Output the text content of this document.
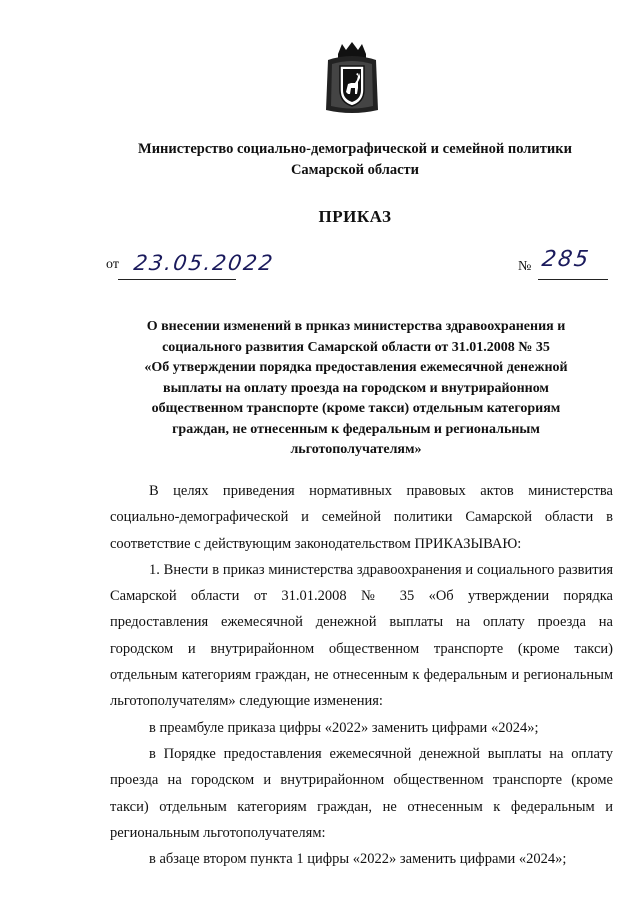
Министерство социально-демографической и семейной политики
Самарской области
ПРИКАЗ
от 23.05.2022	№ 285
О внесении изменений в прнказ министерства здравоохранения и
социального развития Самарской области от 31.01.2008 № 35
«Об утверждении порядка предоставления ежемесячной денежной
выплаты на оплату проезда на городском и внутрирайонном
общественном транспорте (кроме такси) отдельным категориям
граждан, не отнесенным к федеральным и региональным
льготополучателям»

В целях приведения нормативных правовых актов министерства социально-демографической и семейной политики Самарской области в соответствие с действующим законодательством ПРИКАЗЫВАЮ:

1. Внести в приказ министерства здравоохранения и социального развития Самарской области от 31.01.2008 № 35 «Об утверждении порядка предоставления ежемесячной денежной выплаты на оплату проезда на городском и внутрирайонном общественном транспорте (кроме такси) отдельным категориям граждан, не отнесенным к федеральным и региональным льготополучателям» следующие изменения:

в преамбуле приказа цифры «2022» заменить цифрами «2024»;

в Порядке предоставления ежемесячной денежной выплаты на оплату проезда на городском и внутрирайонном общественном транспорте (кроме такси) отдельным категориям граждан, не отнесенным к федеральным и региональным льготополучателям:

в абзаце втором пункта 1 цифры «2022» заменить цифрами «2024»;
